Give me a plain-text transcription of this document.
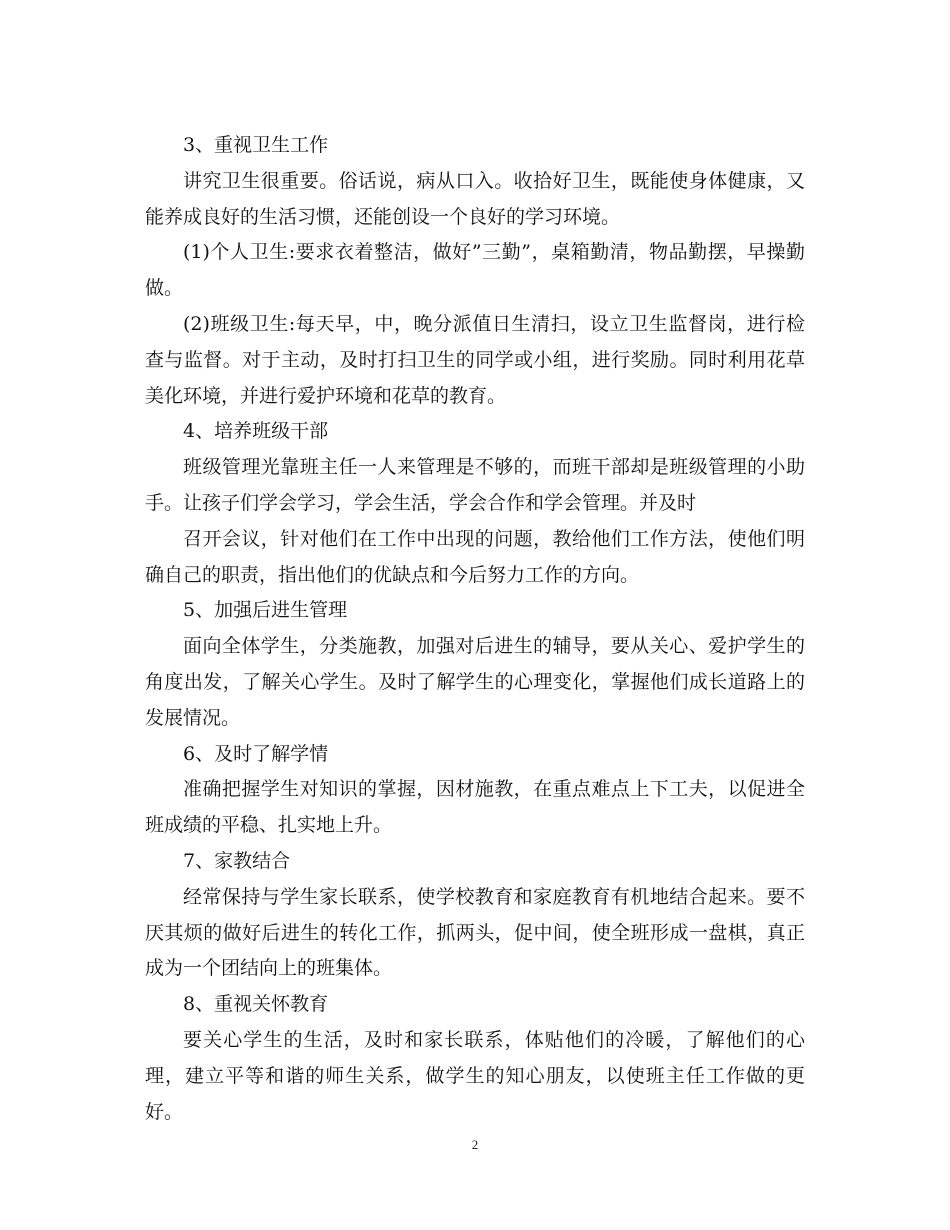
3、重视卫生工作

讲究卫生很重要。俗话说，病从口入。收拾好卫生，既能使身体健康，又能养成良好的生活习惯，还能创设一个良好的学习环境。

(1)个人卫生:要求衣着整洁，做好”三勤”，桌箱勤清，物品勤摆，早操勤做。

(2)班级卫生:每天早，中，晚分派值日生清扫，设立卫生监督岗，进行检查与监督。对于主动，及时打扫卫生的同学或小组，进行奖励。同时利用花草美化环境，并进行爱护环境和花草的教育。

4、培养班级干部

班级管理光靠班主任一人来管理是不够的，而班干部却是班级管理的小助手。让孩子们学会学习，学会生活，学会合作和学会管理。并及时

召开会议，针对他们在工作中出现的问题，教给他们工作方法，使他们明确自己的职责，指出他们的优缺点和今后努力工作的方向。

5、加强后进生管理

面向全体学生，分类施教，加强对后进生的辅导，要从关心、爱护学生的角度出发，了解关心学生。及时了解学生的心理变化，掌握他们成长道路上的发展情况。

6、及时了解学情

准确把握学生对知识的掌握，因材施教，在重点难点上下工夫，以促进全班成绩的平稳、扎实地上升。

7、家教结合

经常保持与学生家长联系，使学校教育和家庭教育有机地结合起来。要不厌其烦的做好后进生的转化工作，抓两头，促中间，使全班形成一盘棋，真正成为一个团结向上的班集体。

8、重视关怀教育

要关心学生的生活，及时和家长联系，体贴他们的冷暖，了解他们的心理，建立平等和谐的师生关系，做学生的知心朋友，以使班主任工作做的更好。

2
